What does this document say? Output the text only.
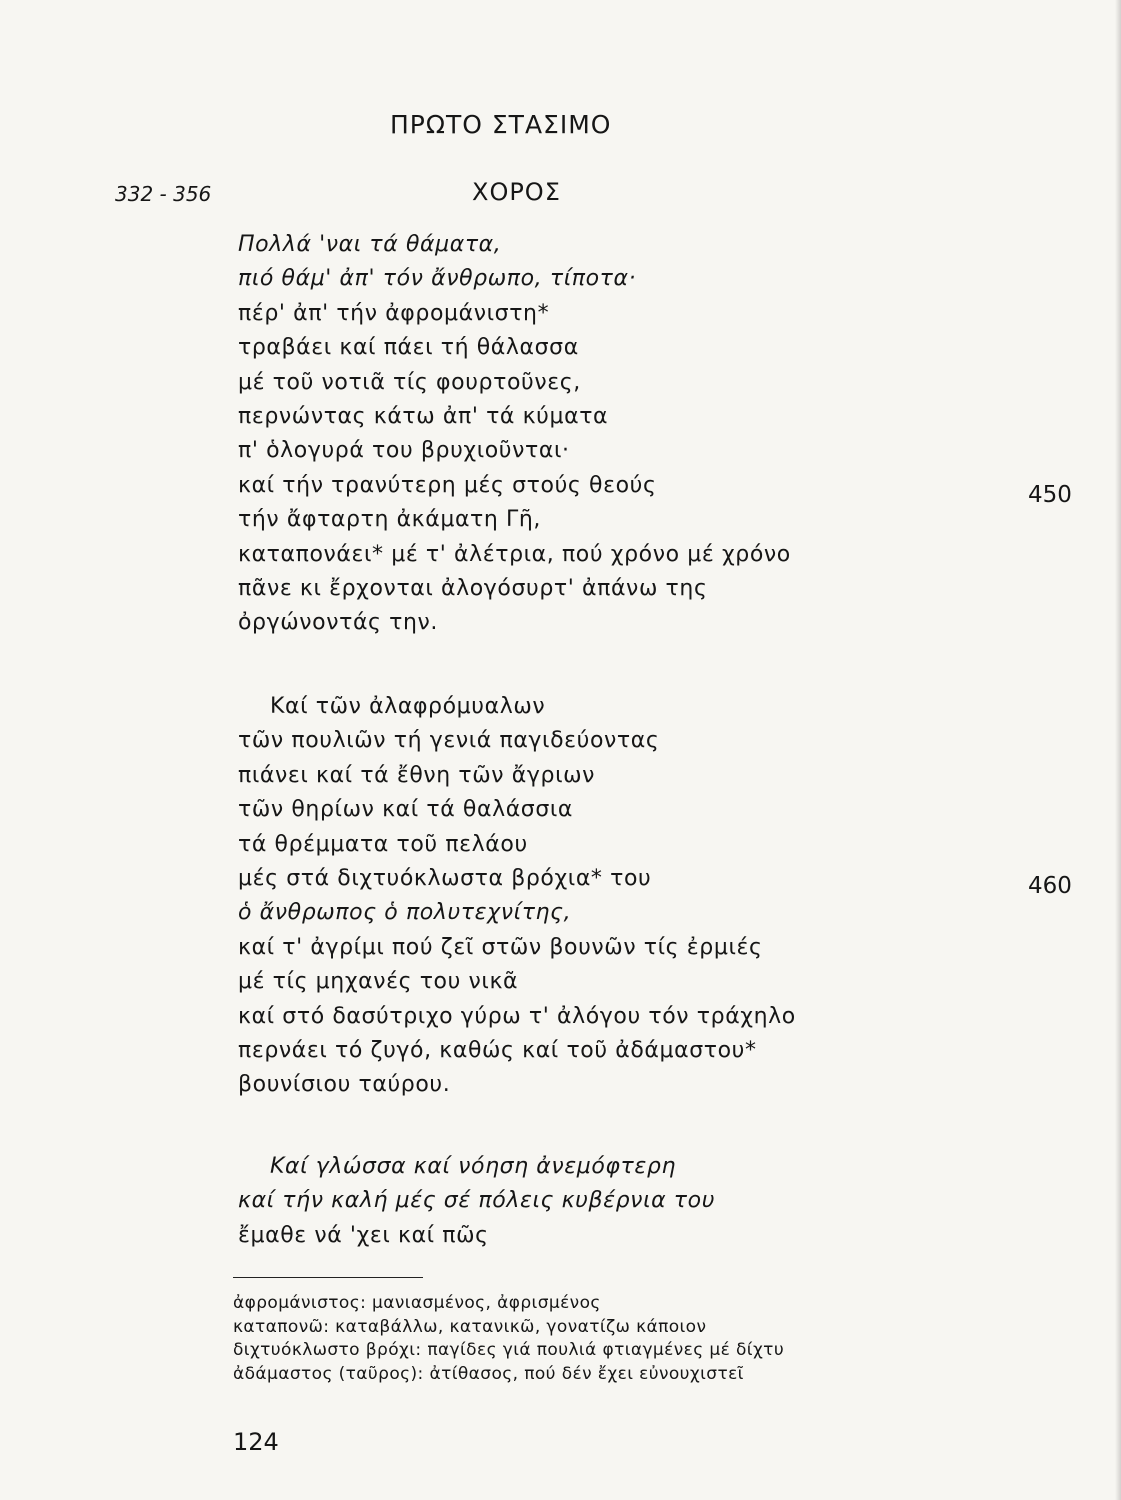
ΠΡΩΤΟ ΣΤΑΣΙΜΟ
332 - 356	ΧΟΡΟΣ
Πολλά 'ναι τά θάματα,
πιό θάμ' ἀπ' τόν ἄνθρωπο, τίποτα·
πέρ' ἀπ' τήν ἀφρομάνιστη*
τραβάει καί πάει τή θάλασσα
μέ τοῦ νοτιᾶ τίς φουρτοῦνες,
περνώντας κάτω ἀπ' τά κύματα
π' ὁλογυρά του βρυχιοῦνται·
καί τήν τρανύτερη μές στούς θεούς
τήν ἄφταρτη ἀκάματη Γῆ,
καταπονάει* μέ τ' ἀλέτρια, πού χρόνο μέ χρόνο
πᾶνε κι ἔρχονται ἀλογόσυρτ' ἀπάνω της
ὀργώνοντάς την.
Καί τῶν ἀλαφρόμυαλων
τῶν πουλιῶν τή γενιά παγιδεύοντας
πιάνει καί τά ἔθνη τῶν ἄγριων
τῶν θηρίων καί τά θαλάσσια
τά θρέμματα τοῦ πελάου
μές στά διχτυόκλωστα βρόχια* του
ὁ ἄνθρωπος ὁ πολυτεχνίτης,
καί τ' ἀγρίμι πού ζεῖ στῶν βουνῶν τίς ἐρμιές
μέ τίς μηχανές του νικᾶ
καί στό δασύτριχο γύρω τ' ἀλόγου τόν τράχηλο
περνάει τό ζυγό, καθώς καί τοῦ ἀδάμαστου*
βουνίσιου ταύρου.
Καί γλώσσα καί νόηση ἀνεμόφτερη
καί τήν καλή μές σέ πόλεις κυβέρνια του
ἔμαθε νά 'χει καί πῶς
450
460
ἀφρομάνιστος: μανιασμένος, ἀφρισμένος
καταπονῶ: καταβάλλω, κατανικῶ, γονατίζω κάποιον
διχτυόκλωστο βρόχι: παγίδες γιά πουλιά φτιαγμένες μέ δίχτυ
ἀδάμαστος (ταῦρος): ἀτίθασος, πού δέν ἔχει εὐνουχιστεῖ
124
